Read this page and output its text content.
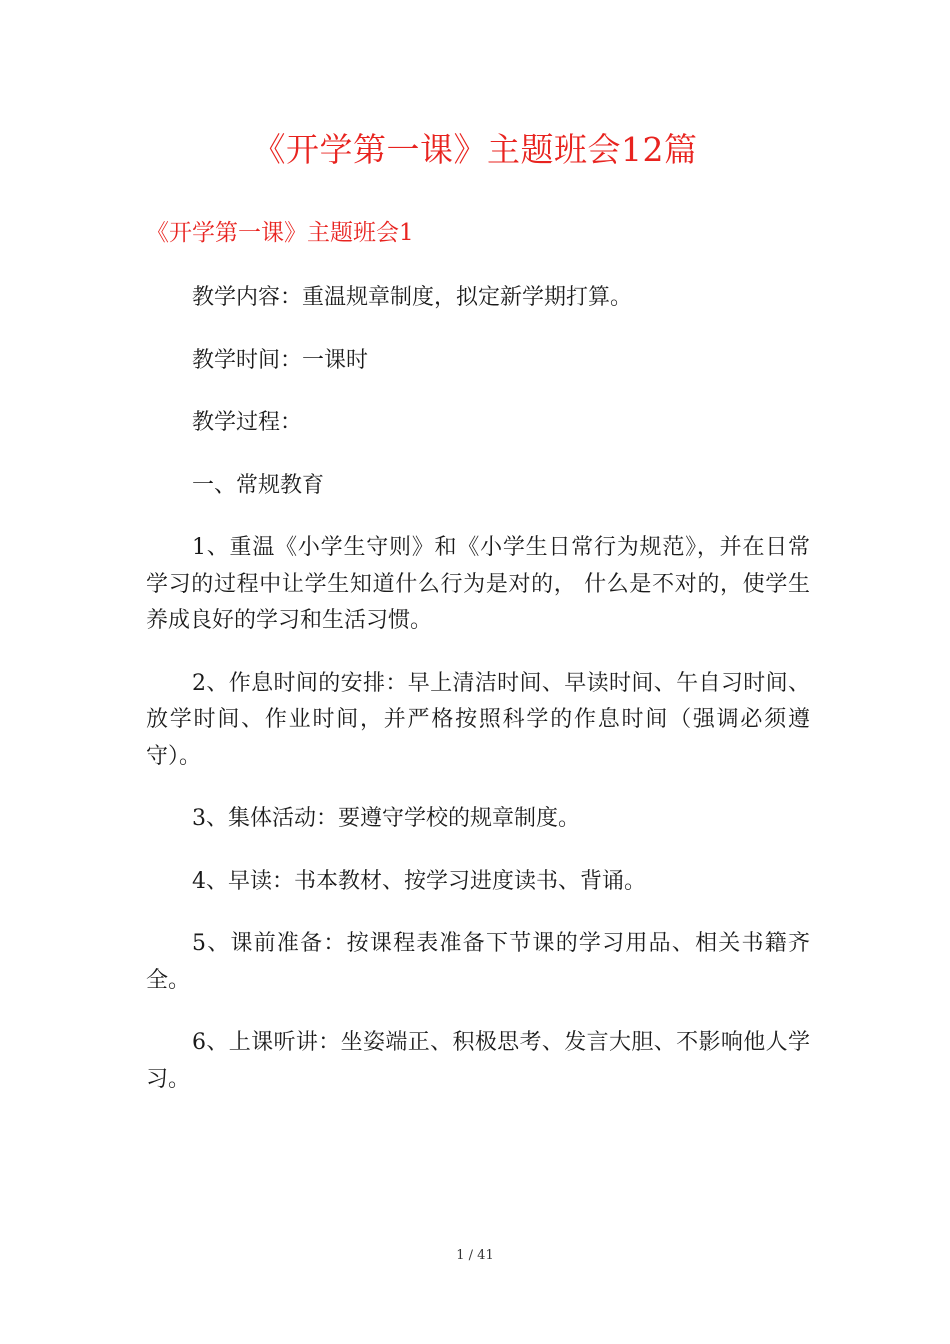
《开学第一课》主题班会12篇
《开学第一课》主题班会1

教学内容：重温规章制度，拟定新学期打算。

教学时间：一课时

教学过程：

一、常规教育

1、重温《小学生守则》和《小学生日常行为规范》，并在日常学习的过程中让学生知道什么行为是对的， 什么是不对的，使学生养成良好的学习和生活习惯。

2、作息时间的安排：早上清洁时间、早读时间、午自习时间、放学时间、作业时间，并严格按照科学的作息时间（强调必须遵守）。

3、集体活动：要遵守学校的规章制度。

4、早读：书本教材、按学习进度读书、背诵。

5、课前准备：按课程表准备下节课的学习用品、相关书籍齐全。

6、上课听讲：坐姿端正、积极思考、发言大胆、不影响他人学习。

1 / 41
